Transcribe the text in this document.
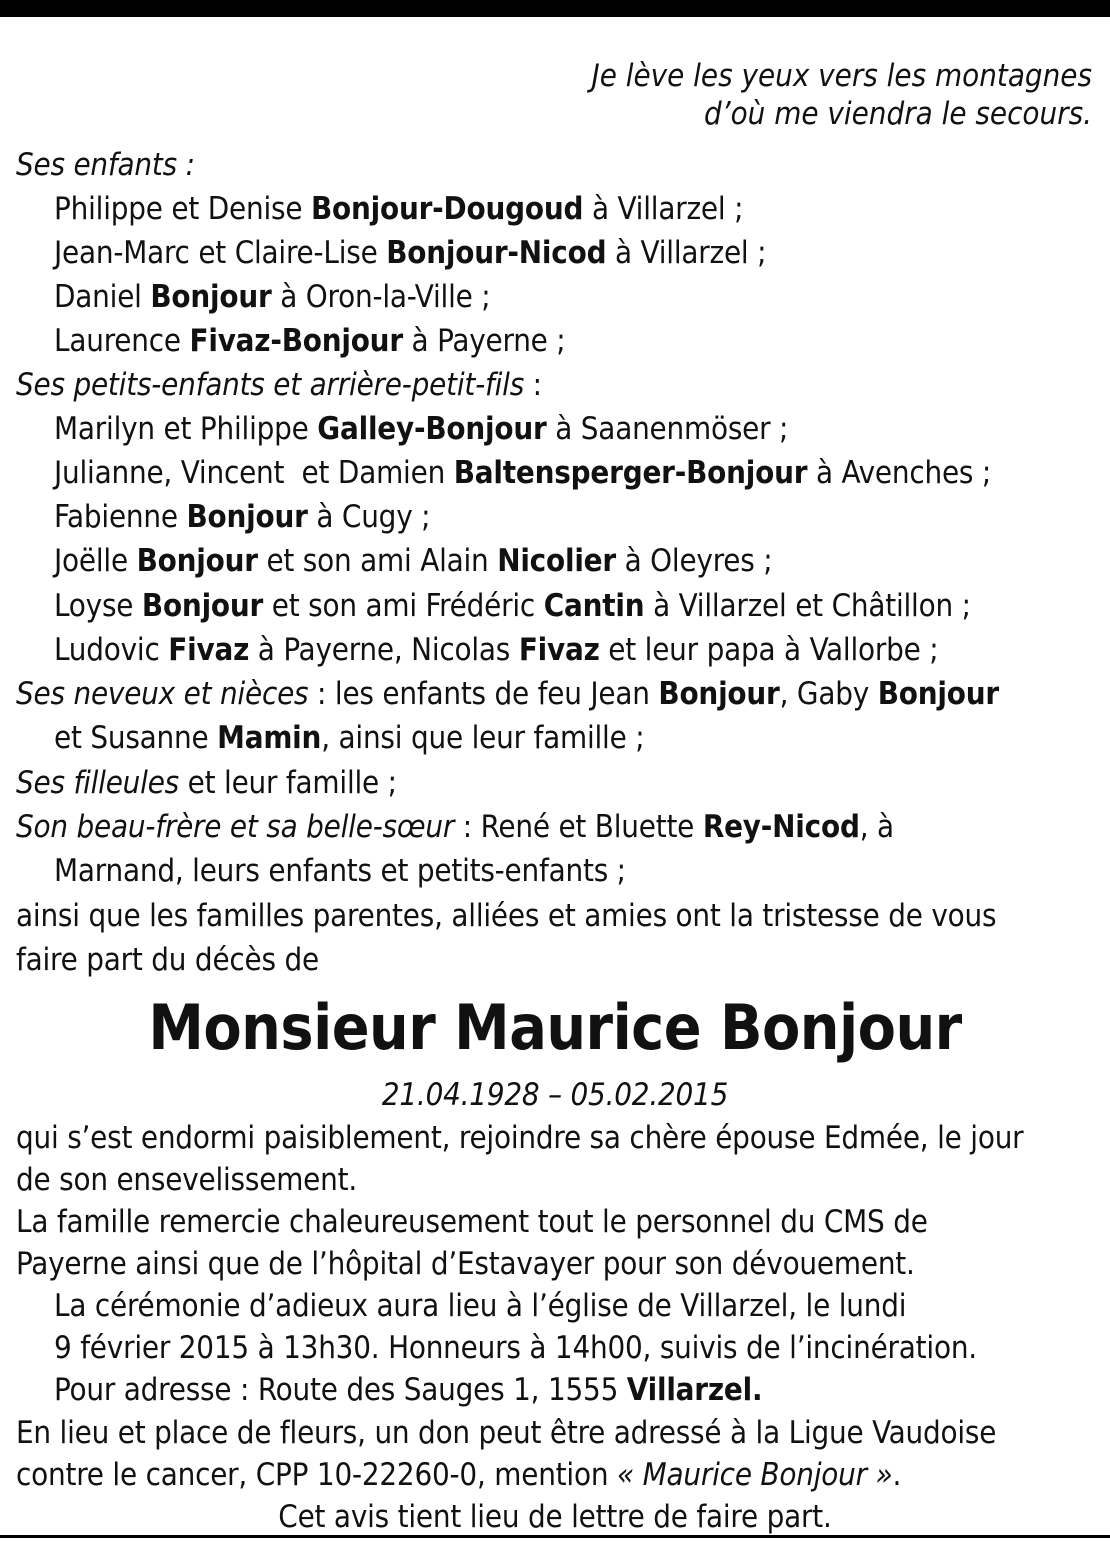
Je lève les yeux vers les montagnes
d’où me viendra le secours.
Ses enfants :
Philippe et Denise Bonjour-Dougoud à Villarzel ;
Jean-Marc et Claire-Lise Bonjour-Nicod à Villarzel ;
Daniel Bonjour à Oron-la-Ville ;
Laurence Fivaz-Bonjour à Payerne ;
Ses petits-enfants et arrière-petit-fils :
Marilyn et Philippe Galley-Bonjour à Saanenmöser ;
Julianne, Vincent  et Damien Baltensperger-Bonjour à Avenches ;
Fabienne Bonjour à Cugy ;
Joëlle Bonjour et son ami Alain Nicolier à Oleyres ;
Loyse Bonjour et son ami Frédéric Cantin à Villarzel et Châtillon ;
Ludovic Fivaz à Payerne, Nicolas Fivaz et leur papa à Vallorbe ;
Ses neveux et nièces : les enfants de feu Jean Bonjour, Gaby Bonjour
et Susanne Mamin, ainsi que leur famille ;
Ses filleules et leur famille ;
Son beau-frère et sa belle-sœur : René et Bluette Rey-Nicod, à
Marnand, leurs enfants et petits-enfants ;
ainsi que les familles parentes, alliées et amies ont la tristesse de vous
faire part du décès de
Monsieur Maurice Bonjour
21.04.1928 – 05.02.2015
qui s’est endormi paisiblement, rejoindre sa chère épouse Edmée, le jour
de son ensevelissement.
La famille remercie chaleureusement tout le personnel du CMS de
Payerne ainsi que de l’hôpital d’Estavayer pour son dévouement.
La cérémonie d’adieux aura lieu à l’église de Villarzel, le lundi
9 février 2015 à 13h30. Honneurs à 14h00, suivis de l’incinération.
Pour adresse : Route des Sauges 1, 1555 Villarzel.
En lieu et place de fleurs, un don peut être adressé à la Ligue Vaudoise
contre le cancer, CPP 10-22260-0, mention « Maurice Bonjour ».
Cet avis tient lieu de lettre de faire part.
